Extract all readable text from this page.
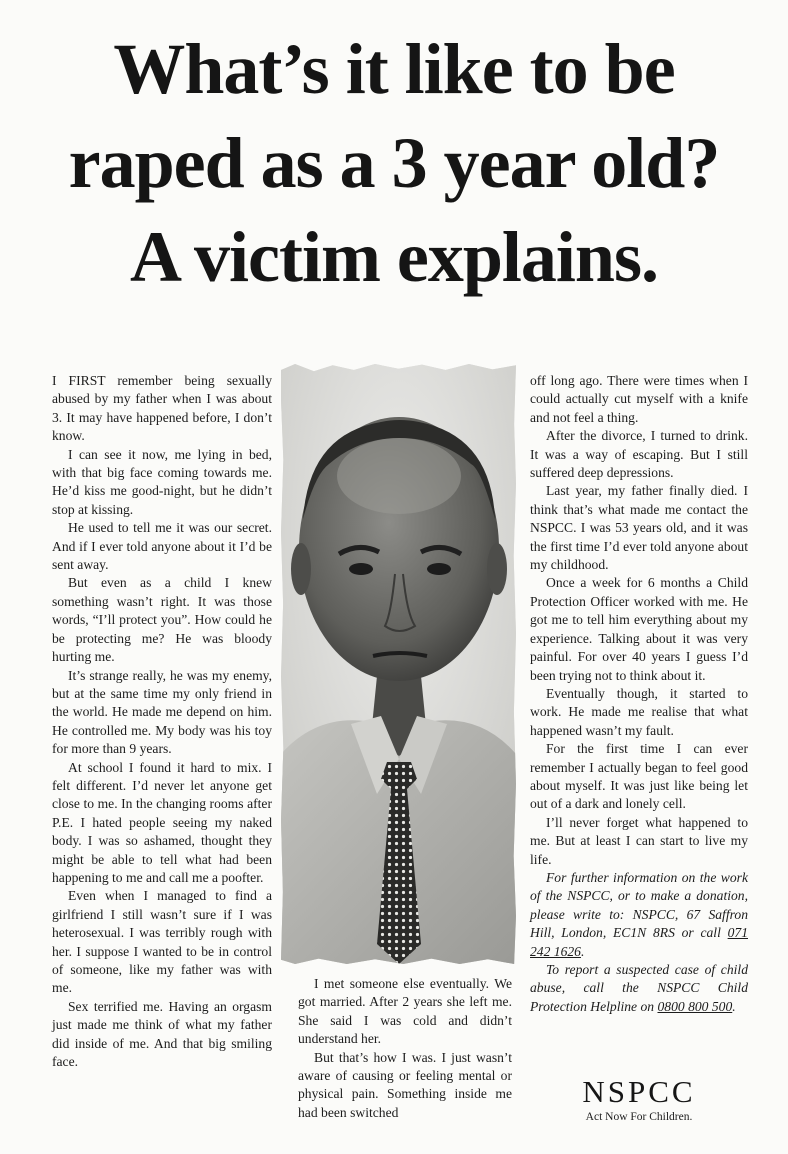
What’s it like to be
raped as a 3 year old?
A victim explains.

I FIRST remember being sexually abused by my father when I was about 3. It may have happened before, I don’t know.

I can see it now, me lying in bed, with that big face coming towards me. He’d kiss me good-night, but he didn’t stop at kissing.

He used to tell me it was our secret. And if I ever told anyone about it I’d be sent away.

But even as a child I knew something wasn’t right. It was those words, “I’ll protect you”. How could he be protecting me? He was bloody hurting me.

It’s strange really, he was my enemy, but at the same time my only friend in the world. He made me depend on him. He controlled me. My body was his toy for more than 9 years.

At school I found it hard to mix. I felt different. I’d never let anyone get close to me. In the changing rooms after P.E. I hated people seeing my naked body. I was so ashamed, thought they might be able to tell what had been happening to me and call me a poofter.

Even when I managed to find a girlfriend I still wasn’t sure if I was heterosexual. I was terribly rough with her. I suppose I wanted to be in control of someone, like my father was with me.

Sex terrified me. Having an orgasm just made me think of what my father did inside of me. And that big smiling face.

I met someone else eventually. We got married. After 2 years she left me. She said I was cold and didn’t understand her.

But that’s how I was. I just wasn’t aware of causing or feeling mental or physical pain. Something inside me had been switched

off long ago. There were times when I could actually cut myself with a knife and not feel a thing.

After the divorce, I turned to drink. It was a way of escaping. But I still suffered deep depressions.

Last year, my father finally died. I think that’s what made me contact the NSPCC. I was 53 years old, and it was the first time I’d ever told anyone about my childhood.

Once a week for 6 months a Child Protection Officer worked with me. He got me to tell him everything about my experience. Talking about it was very painful. For over 40 years I guess I’d been trying not to think about it.

Eventually though, it started to work. He made me realise that what happened wasn’t my fault.

For the first time I can ever remember I actually began to feel good about myself. It was just like being let out of a dark and lonely cell.

I’ll never forget what happened to me. But at least I can start to live my life.

For further information on the work of the NSPCC, or to make a donation, please write to: NSPCC, 67 Saffron Hill, London, EC1N 8RS or call 071 242 1626.

To report a suspected case of child abuse, call the NSPCC Child Protection Helpline on 0800 800 500.

NSPCC
Act Now For Children.
